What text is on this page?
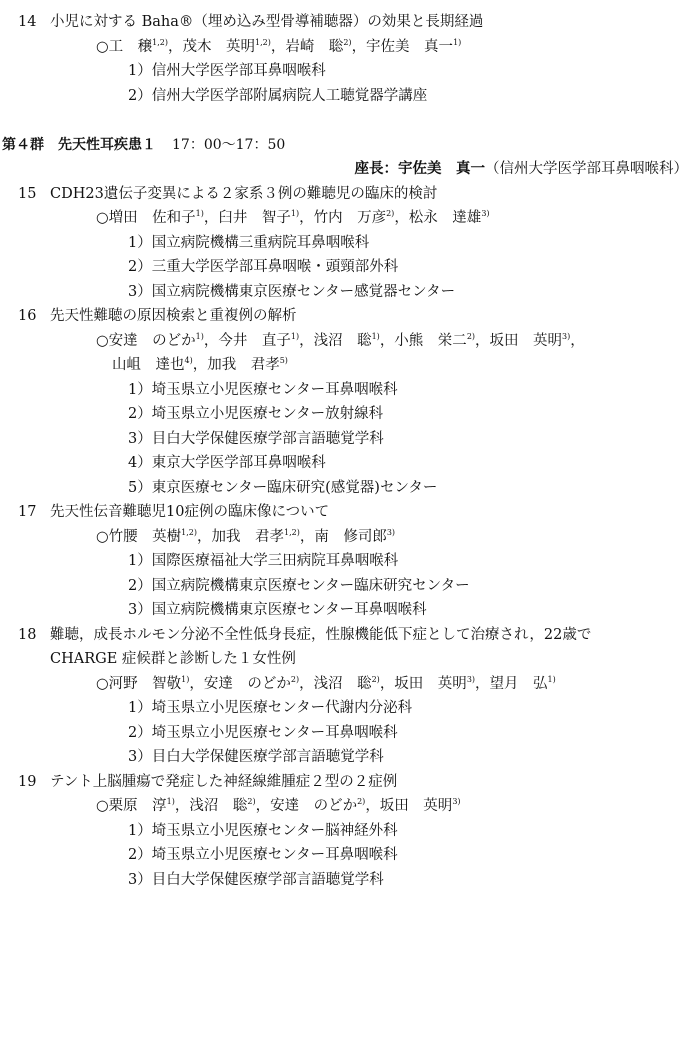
14 小児に対する Baha®（埋め込み型骨導補聴器）の効果と長期経過
○工　穣$^{1,2)}$，茂木　英明$^{1,2)}$，岩崎　聡$^{2)}$，宇佐美　真一$^{1)}$
1）信州大学医学部耳鼻咽喉科
2）信州大学医学部附属病院人工聴覚器学講座
第４群　先天性耳疾患１ 17：00〜17：50
座長：宇佐美　真一（信州大学医学部耳鼻咽喉科）
15 CDH23遺伝子変異による２家系３例の難聴児の臨床的検討
○増田　佐和子$^{1)}$，臼井　智子$^{1)}$，竹内　万彦$^{2)}$，松永　達雄$^{3)}$
1）国立病院機構三重病院耳鼻咽喉科
2）三重大学医学部耳鼻咽喉・頭頸部外科
3）国立病院機構東京医療センター感覚器センター
16 先天性難聴の原因検索と重複例の解析
○安達　のどか$^{1)}$，今井　直子$^{1)}$，浅沼　聡$^{1)}$，小熊　栄二$^{2)}$，坂田　英明$^{3)}$，
山岨　達也$^{4)}$，加我　君孝$^{5)}$
1）埼玉県立小児医療センター耳鼻咽喉科
2）埼玉県立小児医療センター放射線科
3）目白大学保健医療学部言語聴覚学科
4）東京大学医学部耳鼻咽喉科
5）東京医療センター臨床研究(感覚器)センター
17 先天性伝音難聴児10症例の臨床像について
○竹腰　英樹$^{1,2)}$，加我　君孝$^{1,2)}$，南　修司郎$^{3)}$
1）国際医療福祉大学三田病院耳鼻咽喉科
2）国立病院機構東京医療センター臨床研究センター
3）国立病院機構東京医療センター耳鼻咽喉科
18 難聴，成長ホルモン分泌不全性低身長症，性腺機能低下症として治療され，22歳で
CHARGE 症候群と診断した１女性例
○河野　智敬$^{1)}$，安達　のどか$^{2)}$，浅沼　聡$^{2)}$，坂田　英明$^{3)}$，望月　弘$^{1)}$
1）埼玉県立小児医療センター代謝内分泌科
2）埼玉県立小児医療センター耳鼻咽喉科
3）目白大学保健医療学部言語聴覚学科
19 テント上脳腫瘍で発症した神経線維腫症２型の２症例
○栗原　淳$^{1)}$，浅沼　聡$^{2)}$，安達　のどか$^{2)}$，坂田　英明$^{3)}$
1）埼玉県立小児医療センター脳神経外科
2）埼玉県立小児医療センター耳鼻咽喉科
3）目白大学保健医療学部言語聴覚学科
